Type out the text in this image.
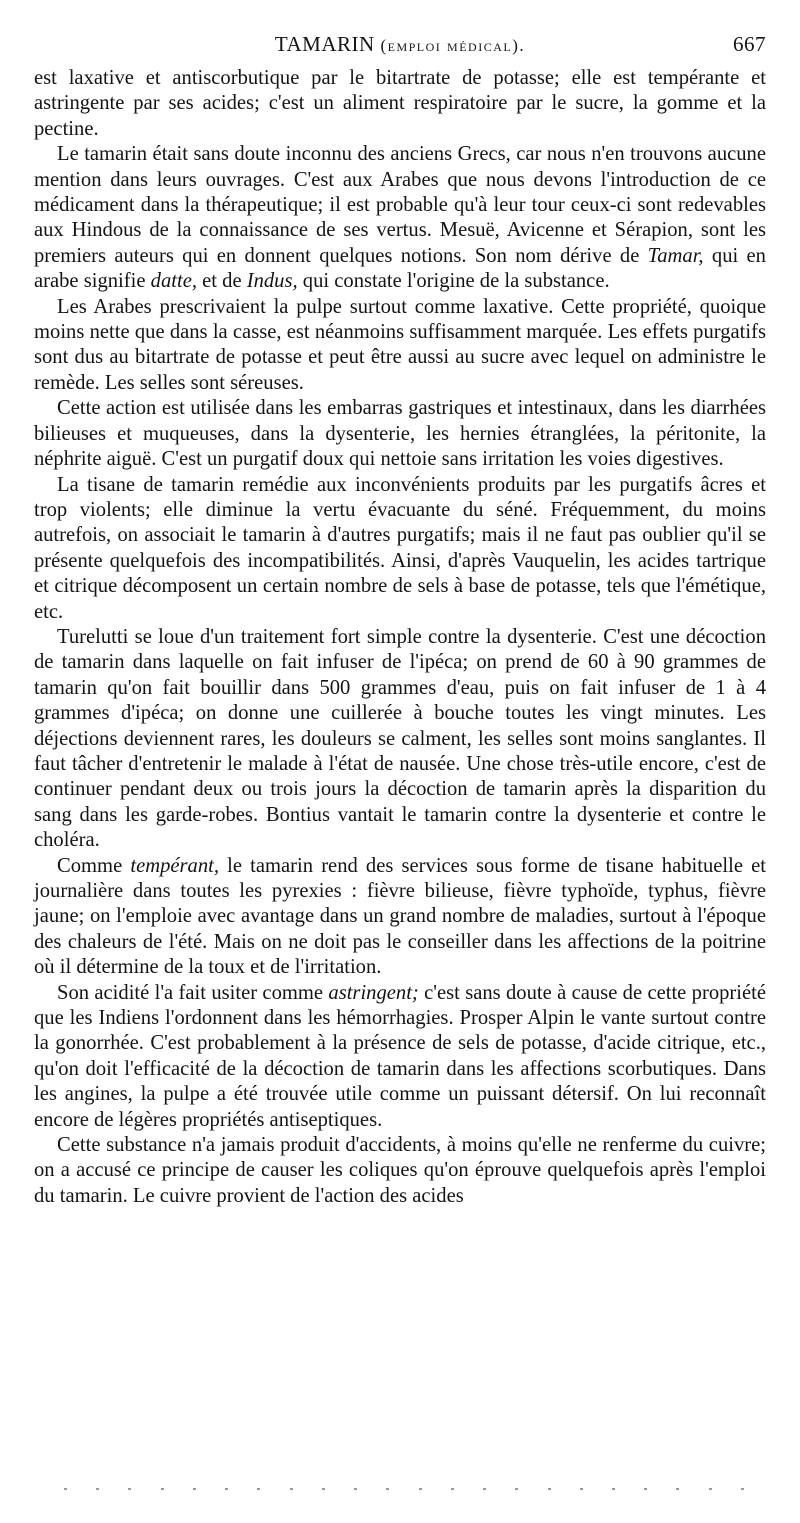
TAMARIN (emploi médical).	667

est laxative et antiscorbutique par le bitartrate de potasse; elle est tempérante et astringente par ses acides; c'est un aliment respiratoire par le sucre, la gomme et la pectine.

Le tamarin était sans doute inconnu des anciens Grecs, car nous n'en trouvons aucune mention dans leurs ouvrages. C'est aux Arabes que nous devons l'introduction de ce médicament dans la thérapeutique; il est probable qu'à leur tour ceux-ci sont redevables aux Hindous de la connaissance de ses vertus. Mesuë, Avicenne et Sérapion, sont les premiers auteurs qui en donnent quelques notions. Son nom dérive de Tamar, qui en arabe signifie datte, et de Indus, qui constate l'origine de la substance.

Les Arabes prescrivaient la pulpe surtout comme laxative. Cette propriété, quoique moins nette que dans la casse, est néanmoins suffisamment marquée. Les effets purgatifs sont dus au bitartrate de potasse et peut être aussi au sucre avec lequel on administre le remède. Les selles sont séreuses.

Cette action est utilisée dans les embarras gastriques et intestinaux, dans les diarrhées bilieuses et muqueuses, dans la dysenterie, les hernies étranglées, la péritonite, la néphrite aiguë. C'est un purgatif doux qui nettoie sans irritation les voies digestives.

La tisane de tamarin remédie aux inconvénients produits par les purgatifs âcres et trop violents; elle diminue la vertu évacuante du séné. Fréquemment, du moins autrefois, on associait le tamarin à d'autres purgatifs; mais il ne faut pas oublier qu'il se présente quelquefois des incompatibilités. Ainsi, d'après Vauquelin, les acides tartrique et citrique décomposent un certain nombre de sels à base de potasse, tels que l'émétique, etc.

Turelutti se loue d'un traitement fort simple contre la dysenterie. C'est une décoction de tamarin dans laquelle on fait infuser de l'ipéca; on prend de 60 à 90 grammes de tamarin qu'on fait bouillir dans 500 grammes d'eau, puis on fait infuser de 1 à 4 grammes d'ipéca; on donne une cuillerée à bouche toutes les vingt minutes. Les déjections deviennent rares, les douleurs se calment, les selles sont moins sanglantes. Il faut tâcher d'entretenir le malade à l'état de nausée. Une chose très-utile encore, c'est de continuer pendant deux ou trois jours la décoction de tamarin après la disparition du sang dans les garde-robes. Bontius vantait le tamarin contre la dysenterie et contre le choléra.

Comme tempérant, le tamarin rend des services sous forme de tisane habituelle et journalière dans toutes les pyrexies : fièvre bilieuse, fièvre typhoïde, typhus, fièvre jaune; on l'emploie avec avantage dans un grand nombre de maladies, surtout à l'époque des chaleurs de l'été. Mais on ne doit pas le conseiller dans les affections de la poitrine où il détermine de la toux et de l'irritation.

Son acidité l'a fait usiter comme astringent; c'est sans doute à cause de cette propriété que les Indiens l'ordonnent dans les hémorrhagies. Prosper Alpin le vante surtout contre la gonorrhée. C'est probablement à la présence de sels de potasse, d'acide citrique, etc., qu'on doit l'efficacité de la décoction de tamarin dans les affections scorbutiques. Dans les angines, la pulpe a été trouvée utile comme un puissant détersif. On lui reconnaît encore de légères propriétés antiseptiques.

Cette substance n'a jamais produit d'accidents, à moins qu'elle ne renferme du cuivre; on a accusé ce principe de causer les coliques qu'on éprouve quelquefois après l'emploi du tamarin. Le cuivre provient de l'action des acides
